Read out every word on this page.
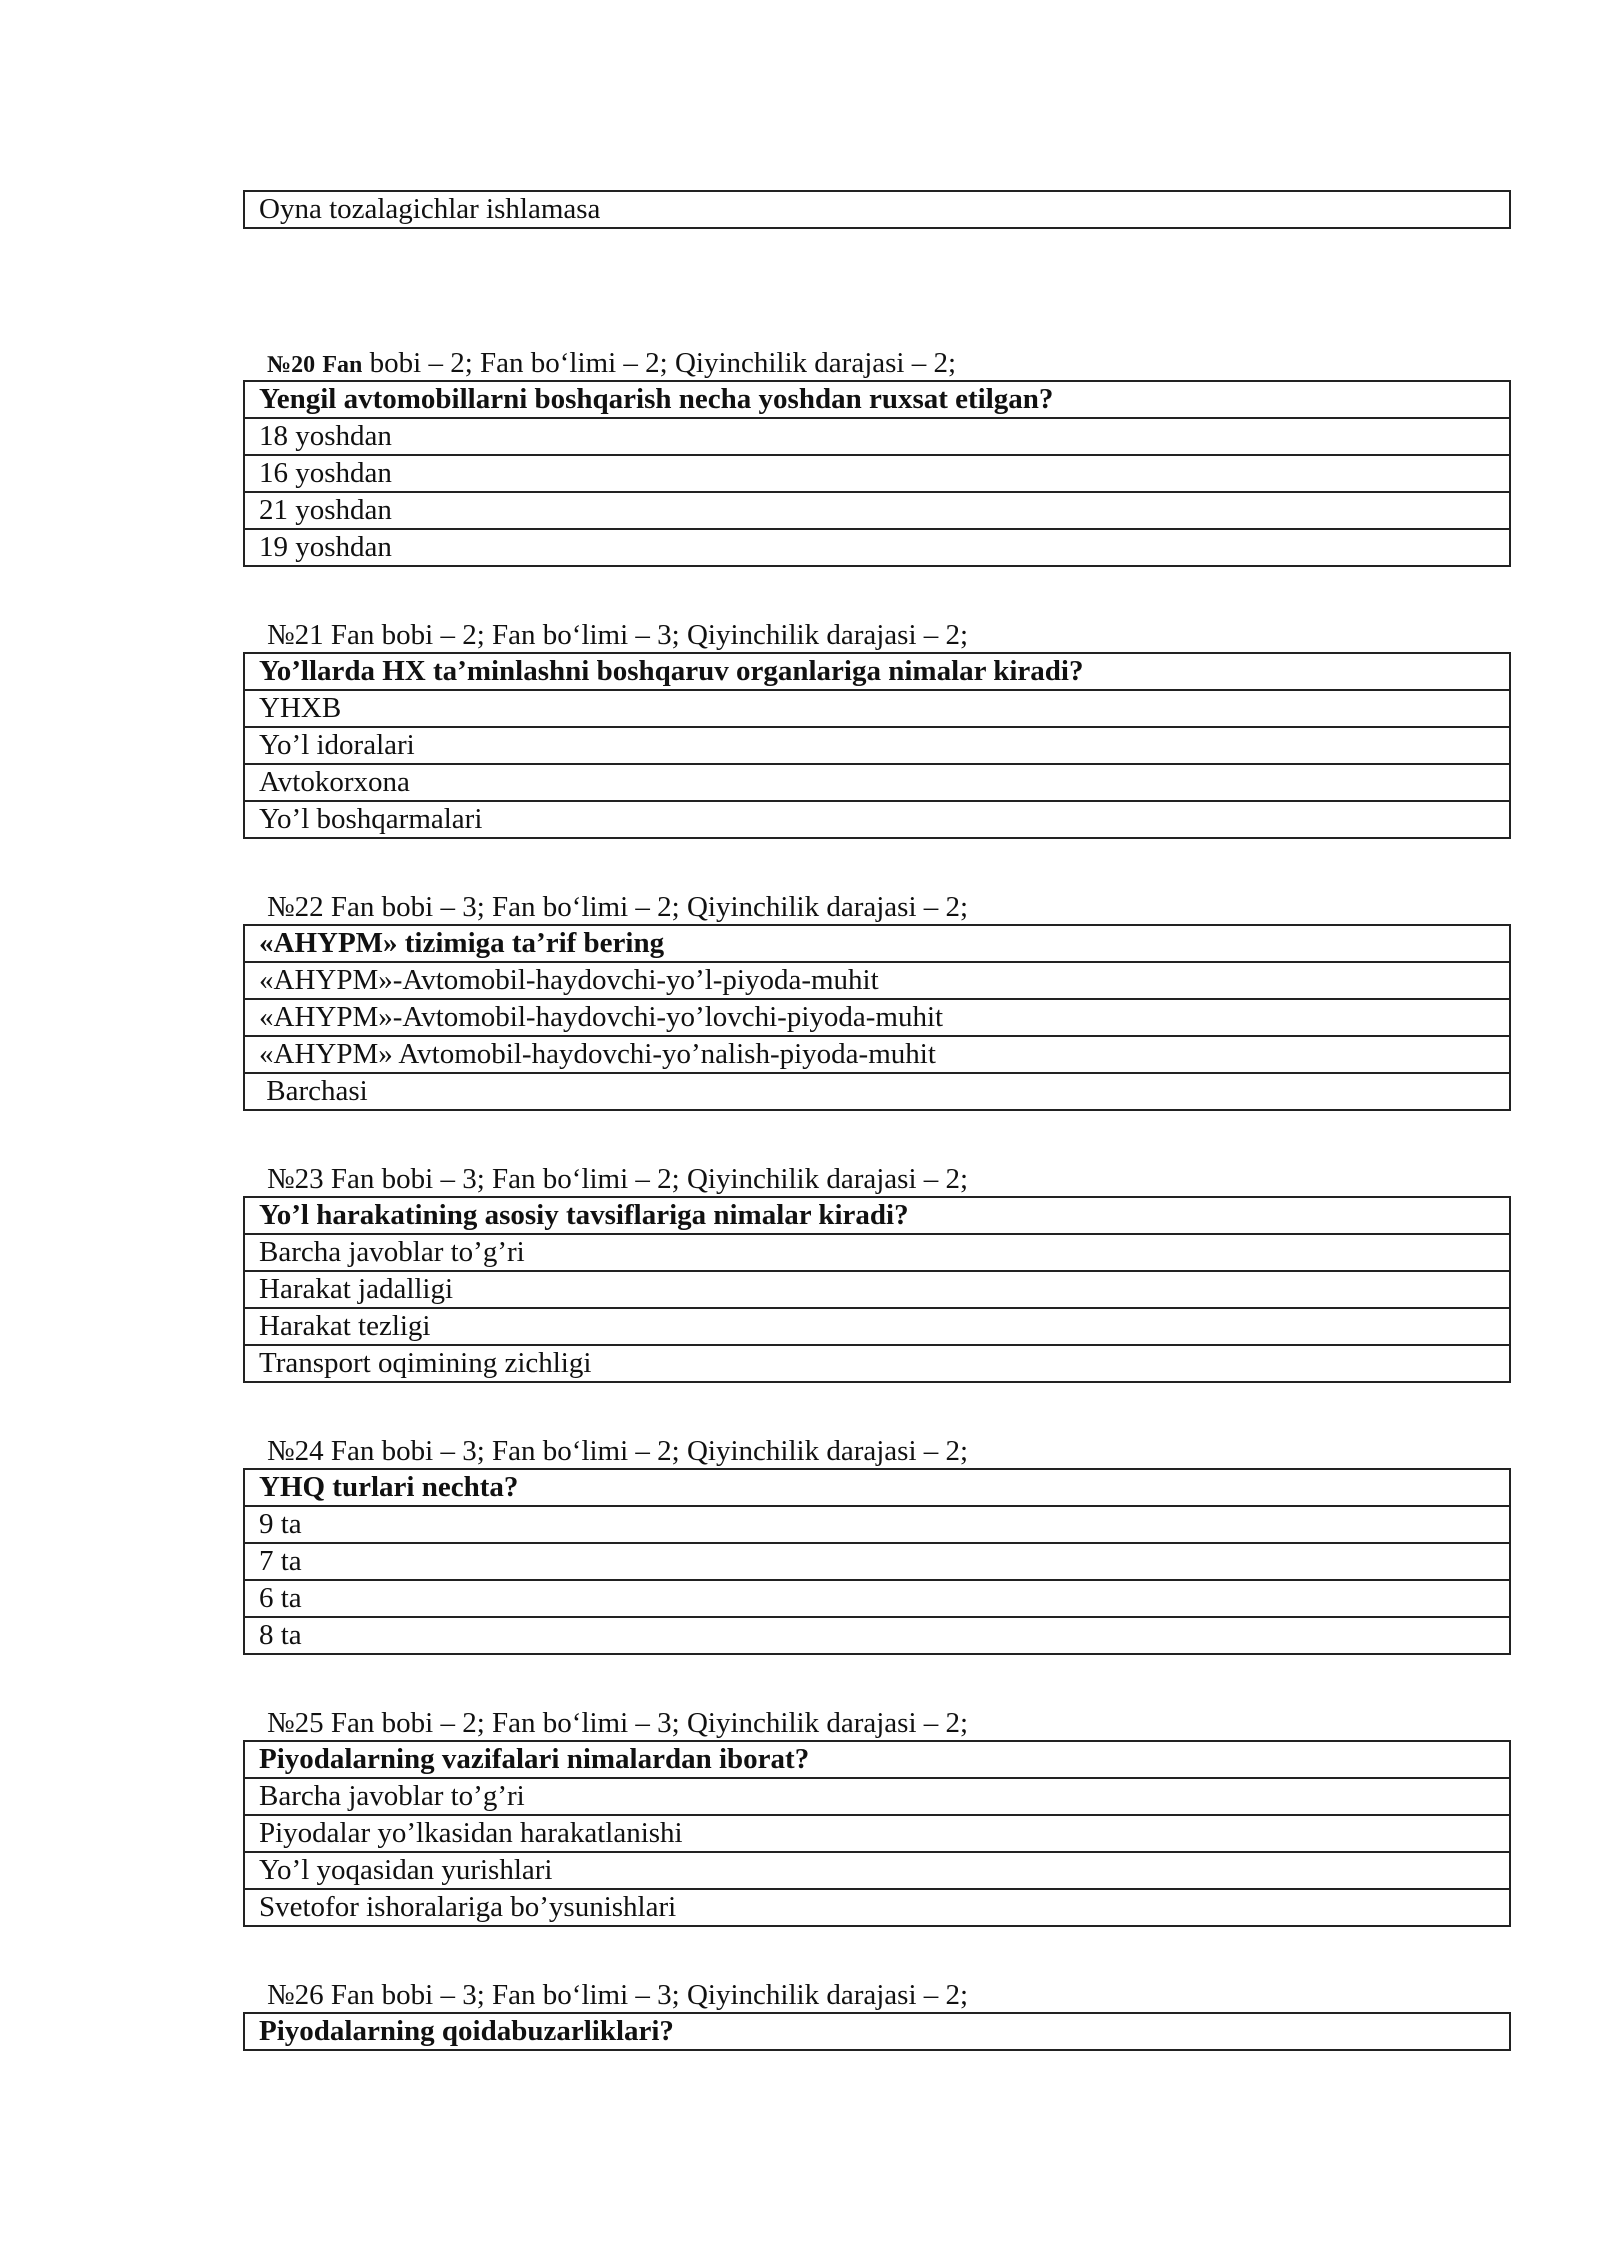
Oyna tozalagichlar ishlamasa
№20 Fan bobi – 2; Fan bo‘limi – 2; Qiyinchilik darajasi – 2;
Yengil avtomobillarni boshqarish necha yoshdan ruxsat etilgan?
18 yoshdan
16 yoshdan
21 yoshdan
19 yoshdan
№21 Fan bobi – 2; Fan bo‘limi – 3; Qiyinchilik darajasi – 2;
Yo’llarda HX ta’minlashni boshqaruv organlariga nimalar kiradi?
YHXB
Yo’l idoralari
Avtokorxona
Yo’l boshqarmalari
№22 Fan bobi – 3; Fan bo‘limi – 2; Qiyinchilik darajasi – 2;
«AHYPM» tizimiga ta’rif bering
«AHYPM»-Avtomobil-haydovchi-yo’l-piyoda-muhit
«AHYPM»-Avtomobil-haydovchi-yo’lovchi-piyoda-muhit
«AHYPM» Avtomobil-haydovchi-yo’nalish-piyoda-muhit
Barchasi
№23 Fan bobi – 3; Fan bo‘limi – 2; Qiyinchilik darajasi – 2;
Yo’l harakatining asosiy tavsiflariga nimalar kiradi?
Barcha javoblar to’g’ri
Harakat jadalligi
Harakat tezligi
Transport oqimining zichligi
№24 Fan bobi – 3; Fan bo‘limi – 2; Qiyinchilik darajasi – 2;
YHQ turlari nechta?
9 ta
7 ta
6 ta
8 ta
№25 Fan bobi – 2; Fan bo‘limi – 3; Qiyinchilik darajasi – 2;
Piyodalarning vazifalari nimalardan iborat?
Barcha javoblar to’g’ri
Piyodalar yo’lkasidan harakatlanishi
Yo’l yoqasidan yurishlari
Svetofor ishoralariga bo’ysunishlari
№26 Fan bobi – 3; Fan bo‘limi – 3; Qiyinchilik darajasi – 2;
Piyodalarning qoidabuzarliklari?
